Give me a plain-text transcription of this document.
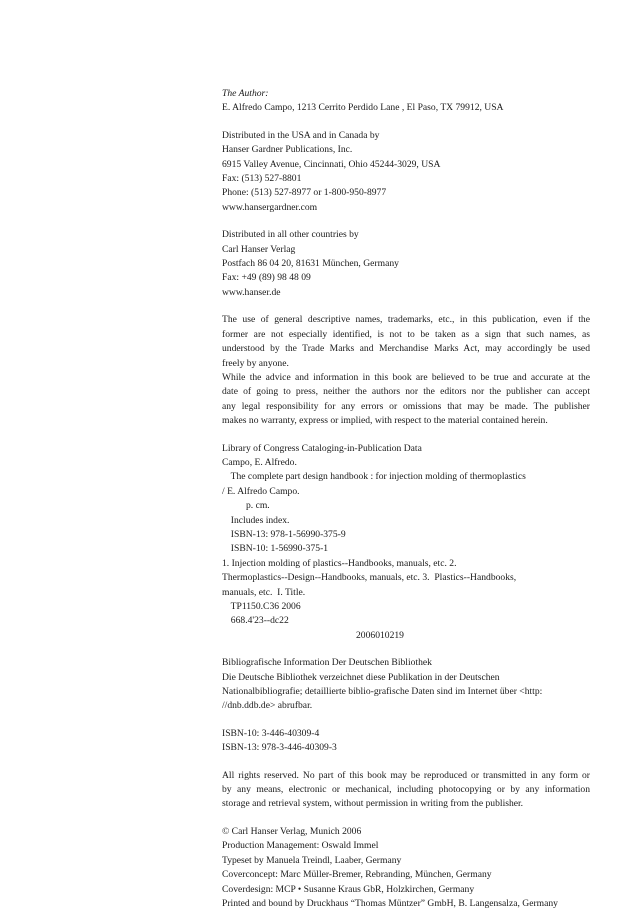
The Author:
E. Alfredo Campo, 1213 Cerrito Perdido Lane , El Paso, TX 79912, USA
Distributed in the USA and in Canada by
Hanser Gardner Publications, Inc.
6915 Valley Avenue, Cincinnati, Ohio 45244-3029, USA
Fax: (513) 527-8801
Phone: (513) 527-8977 or 1-800-950-8977
www.hansergardner.com
Distributed in all other countries by
Carl Hanser Verlag
Postfach 86 04 20, 81631 München, Germany
Fax: +49 (89) 98 48 09
www.hanser.de
The use of general descriptive names, trademarks, etc., in this publication, even if the
former are not especially identified, is not to be taken as a sign that such names, as
understood by the Trade Marks and Merchandise Marks Act, may accordingly be used
freely by anyone.
While the advice and information in this book are believed to be true and accurate at the
date of going to press, neither the authors nor the editors nor the publisher can accept
any legal responsibility for any errors or omissions that may be made. The publisher
makes no warranty, express or implied, with respect to the material contained herein.
Library of Congress Cataloging-in-Publication Data
Campo, E. Alfredo.
The complete part design handbook : for injection molding of thermoplastics
/ E. Alfredo Campo.
p. cm.
Includes index.
ISBN-13: 978-1-56990-375-9
ISBN-10: 1-56990-375-1
1. Injection molding of plastics--Handbooks, manuals, etc. 2.
Thermoplastics--Design--Handbooks, manuals, etc. 3.  Plastics--Handbooks,
manuals, etc.  I. Title.
TP1150.C36 2006
668.4'23--dc22
2006010219
Bibliografische Information Der Deutschen Bibliothek
Die Deutsche Bibliothek verzeichnet diese Publikation in der Deutschen
Nationalbibliografie; detaillierte biblio-grafische Daten sind im Internet über <http:
//dnb.ddb.de> abrufbar.
ISBN-10: 3-446-40309-4
ISBN-13: 978-3-446-40309-3
All rights reserved. No part of this book may be reproduced or transmitted in any form or
by any means, electronic or mechanical, including photocopying or by any information
storage and retrieval system, without permission in writing from the publisher.
© Carl Hanser Verlag, Munich 2006
Production Management: Oswald Immel
Typeset by Manuela Treindl, Laaber, Germany
Coverconcept: Marc Müller-Bremer, Rebranding, München, Germany
Coverdesign: MCP • Susanne Kraus GbR, Holzkirchen, Germany
Printed and bound by Druckhaus “Thomas Müntzer” GmbH, B. Langensalza, Germany
